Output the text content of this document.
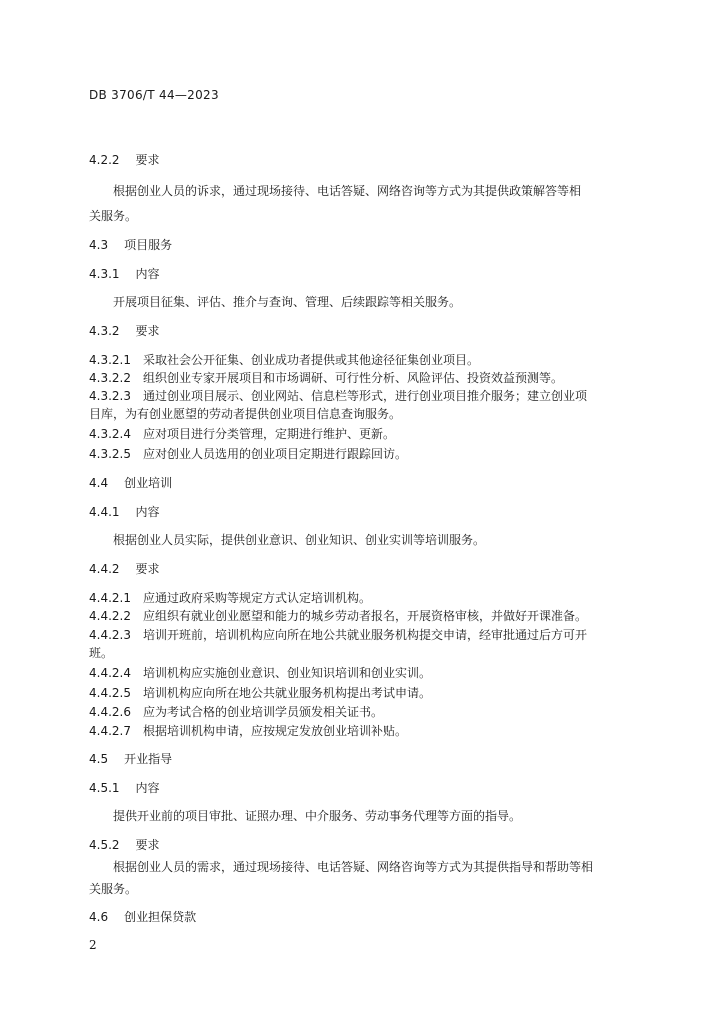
DB 3706/T 44—2023
4.2.2 要求
根据创业人员的诉求，通过现场接待、电话答疑、网络咨询等方式为其提供政策解答等相
关服务。
4.3 项目服务
4.3.1 内容
开展项目征集、评估、推介与查询、管理、后续跟踪等相关服务。
4.3.2 要求
4.3.2.1 采取社会公开征集、创业成功者提供或其他途径征集创业项目。
4.3.2.2 组织创业专家开展项目和市场调研、可行性分析、风险评估、投资效益预测等。
4.3.2.3 通过创业项目展示、创业网站、信息栏等形式，进行创业项目推介服务；建立创业项
目库，为有创业愿望的劳动者提供创业项目信息查询服务。
4.3.2.4 应对项目进行分类管理，定期进行维护、更新。
4.3.2.5 应对创业人员选用的创业项目定期进行跟踪回访。
4.4 创业培训
4.4.1 内容
根据创业人员实际，提供创业意识、创业知识、创业实训等培训服务。
4.4.2 要求
4.4.2.1 应通过政府采购等规定方式认定培训机构。
4.4.2.2 应组织有就业创业愿望和能力的城乡劳动者报名，开展资格审核，并做好开课准备。
4.4.2.3 培训开班前，培训机构应向所在地公共就业服务机构提交申请，经审批通过后方可开
班。
4.4.2.4 培训机构应实施创业意识、创业知识培训和创业实训。
4.4.2.5 培训机构应向所在地公共就业服务机构提出考试申请。
4.4.2.6 应为考试合格的创业培训学员颁发相关证书。
4.4.2.7 根据培训机构申请，应按规定发放创业培训补贴。
4.5 开业指导
4.5.1 内容
提供开业前的项目审批、证照办理、中介服务、劳动事务代理等方面的指导。
4.5.2 要求
根据创业人员的需求，通过现场接待、电话答疑、网络咨询等方式为其提供指导和帮助等相
关服务。
4.6 创业担保贷款
2
